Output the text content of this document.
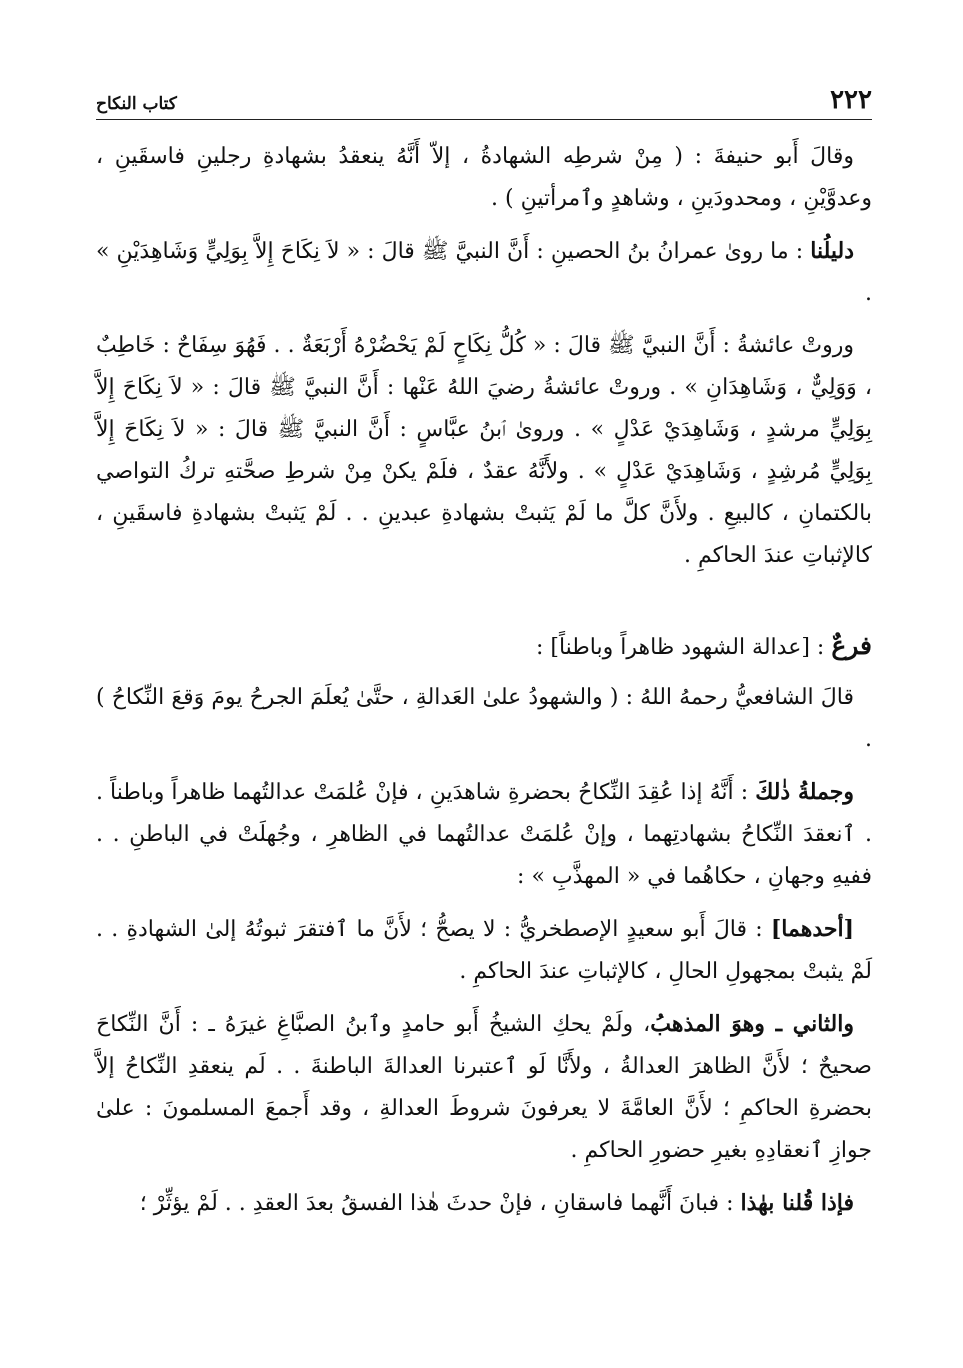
٢٢٢
كتاب النكاح

وقالَ أَبو حنيفةَ : ( مِنْ شرطِه الشهادةُ ، إلاّ أَنَّهُ ينعقدُ بشهادةِ رجلينِ فاسقَينِ ، وعدوَّيْنِ ، ومحدودَينِ ، وشاهدٍ وٱمرأتينِ ) .

دليلُنا : ما روىٰ عمرانُ بنُ الحصينِ : أَنَّ النبيَّ ﷺ قالَ : « لاَ نِكَاحَ إِلاَّ بِوَلِيٍّ وَشَاهِدَيْنِ » .

وروتْ عائشةُ : أَنَّ النبيَّ ﷺ قالَ : « كُلُّ نِكَاحٍ لَمْ يَحْضُرْهُ أَرْبَعَةٌ . . فَهُوَ سِفَاحٌ : خَاطِبٌ ، وَوَلِيٌّ ، وَشَاهِدَانِ » . وروتْ عائشةُ رضيَ اللهُ عَنْها : أَنَّ النبيَّ ﷺ قالَ : « لاَ نِكَاحَ إِلاَّ بِوَلِيٍّ مرشدٍ ، وَشَاهِدَيْ عَدْلٍ » . وروىٰ ٱبنُ عبَّاسٍ : أَنَّ النبيَّ ﷺ قالَ : « لاَ نِكَاحَ إِلاَّ بِوَلِيٍّ مُرشِدٍ ، وَشَاهِدَيْ عَدْلٍ » . ولأَنَّهُ عقدٌ ، فلَمْ يكنْ مِنْ شرطِ صحَّتهِ تركُ التواصي بالكتمانِ ، كالبيعِ . ولأَنَّ كلَّ ما لَمْ يَثبتْ بشهادةِ عبدينِ . . لَمْ يَثبتْ بشهادةِ فاسقَينِ ، كالإثباتِ عندَ الحاكمِ .

فرعٌ : [عدالة الشهود ظاهراً وباطناً] :

قالَ الشافعيُّ رحمهُ اللهُ : ( والشهودُ علىٰ العَدالةِ ، حتَّىٰ يُعلَمَ الجرحُ يومَ وَقعَ النِّكاحُ ) .

وجملةُ ذٰلكَ : أَنَّهُ إذا عُقِدَ النِّكاحُ بحضرةِ شاهدَينِ ، فإنْ عُلمَتْ عدالتُهما ظاهراً وباطناً . . ٱنعقدَ النِّكاحُ بشهادتِهما ، وإنْ عُلمَتْ عدالتُهما في الظاهرِ ، وجُهلَتْ في الباطنِ . . ففيهِ وجهانِ ، حكاهُما في « المهذَّبِ » :

[أحدهما] : قالَ أَبو سعيدٍ الإصطخريُّ : لا يصحُّ ؛ لأَنَّ ما ٱفتقرَ ثبوتُهُ إلىٰ الشهادةِ . . لَمْ يثبتْ بمجهولِ الحالِ ، كالإثباتِ عندَ الحاكمِ .

والثاني ـ وهوَ المذهبُ، ولَمْ يحكِ الشيخُ أَبو حامدٍ وٱبنُ الصبَّاغِ غيرَهُ ـ : أَنَّ النِّكاحَ صحيحٌ ؛ لأَنَّ الظاهرَ العدالةُ ، ولأَنَّا لَو ٱعتبرنا العدالةَ الباطنةَ . . لَم ينعقدِ النِّكاحُ إلاَّ بحضرةِ الحاكمِ ؛ لأَنَّ العامَّةَ لا يعرفونَ شروطَ العدالةِ ، وقد أَجمعَ المسلمونَ : علىٰ جوازِ ٱنعقادِهِ بغيرِ حضورِ الحاكمِ .

فإذا قُلنا بهٰذا : فبانَ أَنَّهما فاسقانِ ، فإنْ حدثَ هٰذا الفسقُ بعدَ العقدِ . . لَمْ يؤثِّرْ ؛
